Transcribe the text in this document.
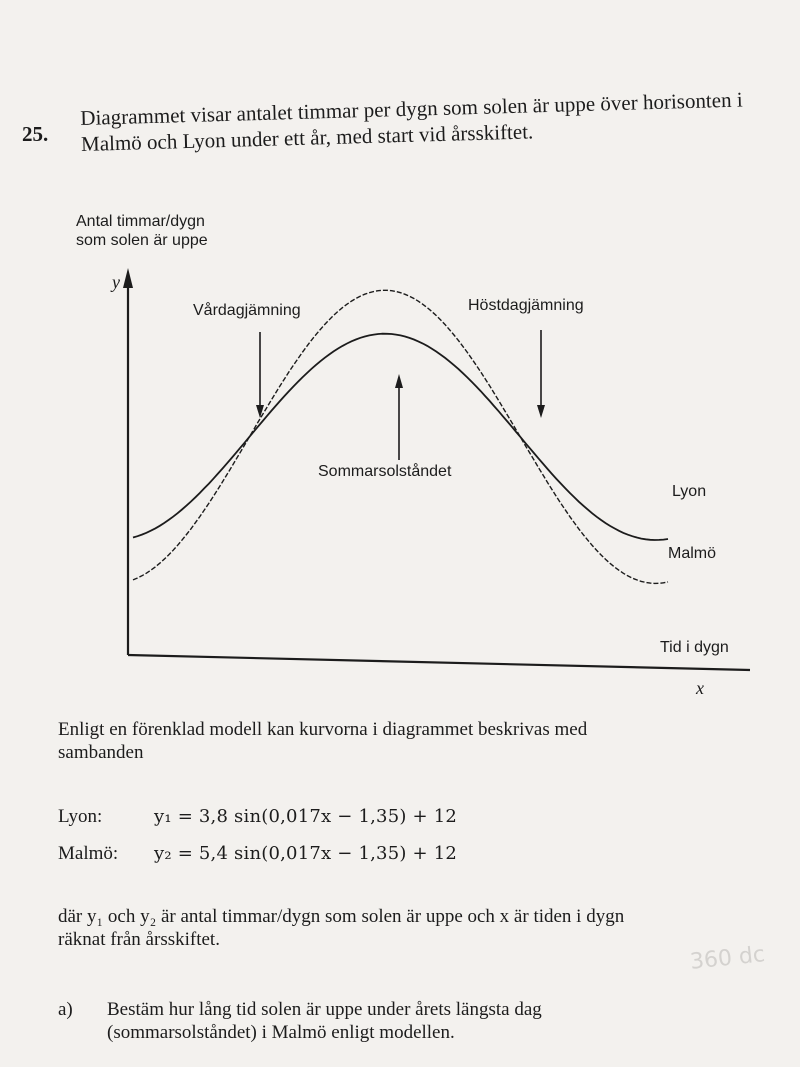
25.
Diagrammet visar antalet timmar per dygn som solen är uppe över horisonten i Malmö och Lyon under ett år, med start vid årsskiftet.
Antal timmar/dygn
som solen är uppe
y
x
Vårdagjämning	Höstdagjämning
Sommarsolståndet
Lyon
Malmö
Tid i dygn
Enligt en förenklad modell kan kurvorna i diagrammet beskrivas med
sambanden
Lyon:	y₁ = 3,8 sin(0,017x − 1,35) + 12
Malmö: y₂ = 5,4 sin(0,017x − 1,35) + 12
där y₁ och y₂ är antal timmar/dygn som solen är uppe och x är tiden i dygn
räknat från årsskiftet.
360 dc
a) Bestäm hur lång tid solen är uppe under årets längsta dag
(sommarsolståndet) i Malmö enligt modellen.
